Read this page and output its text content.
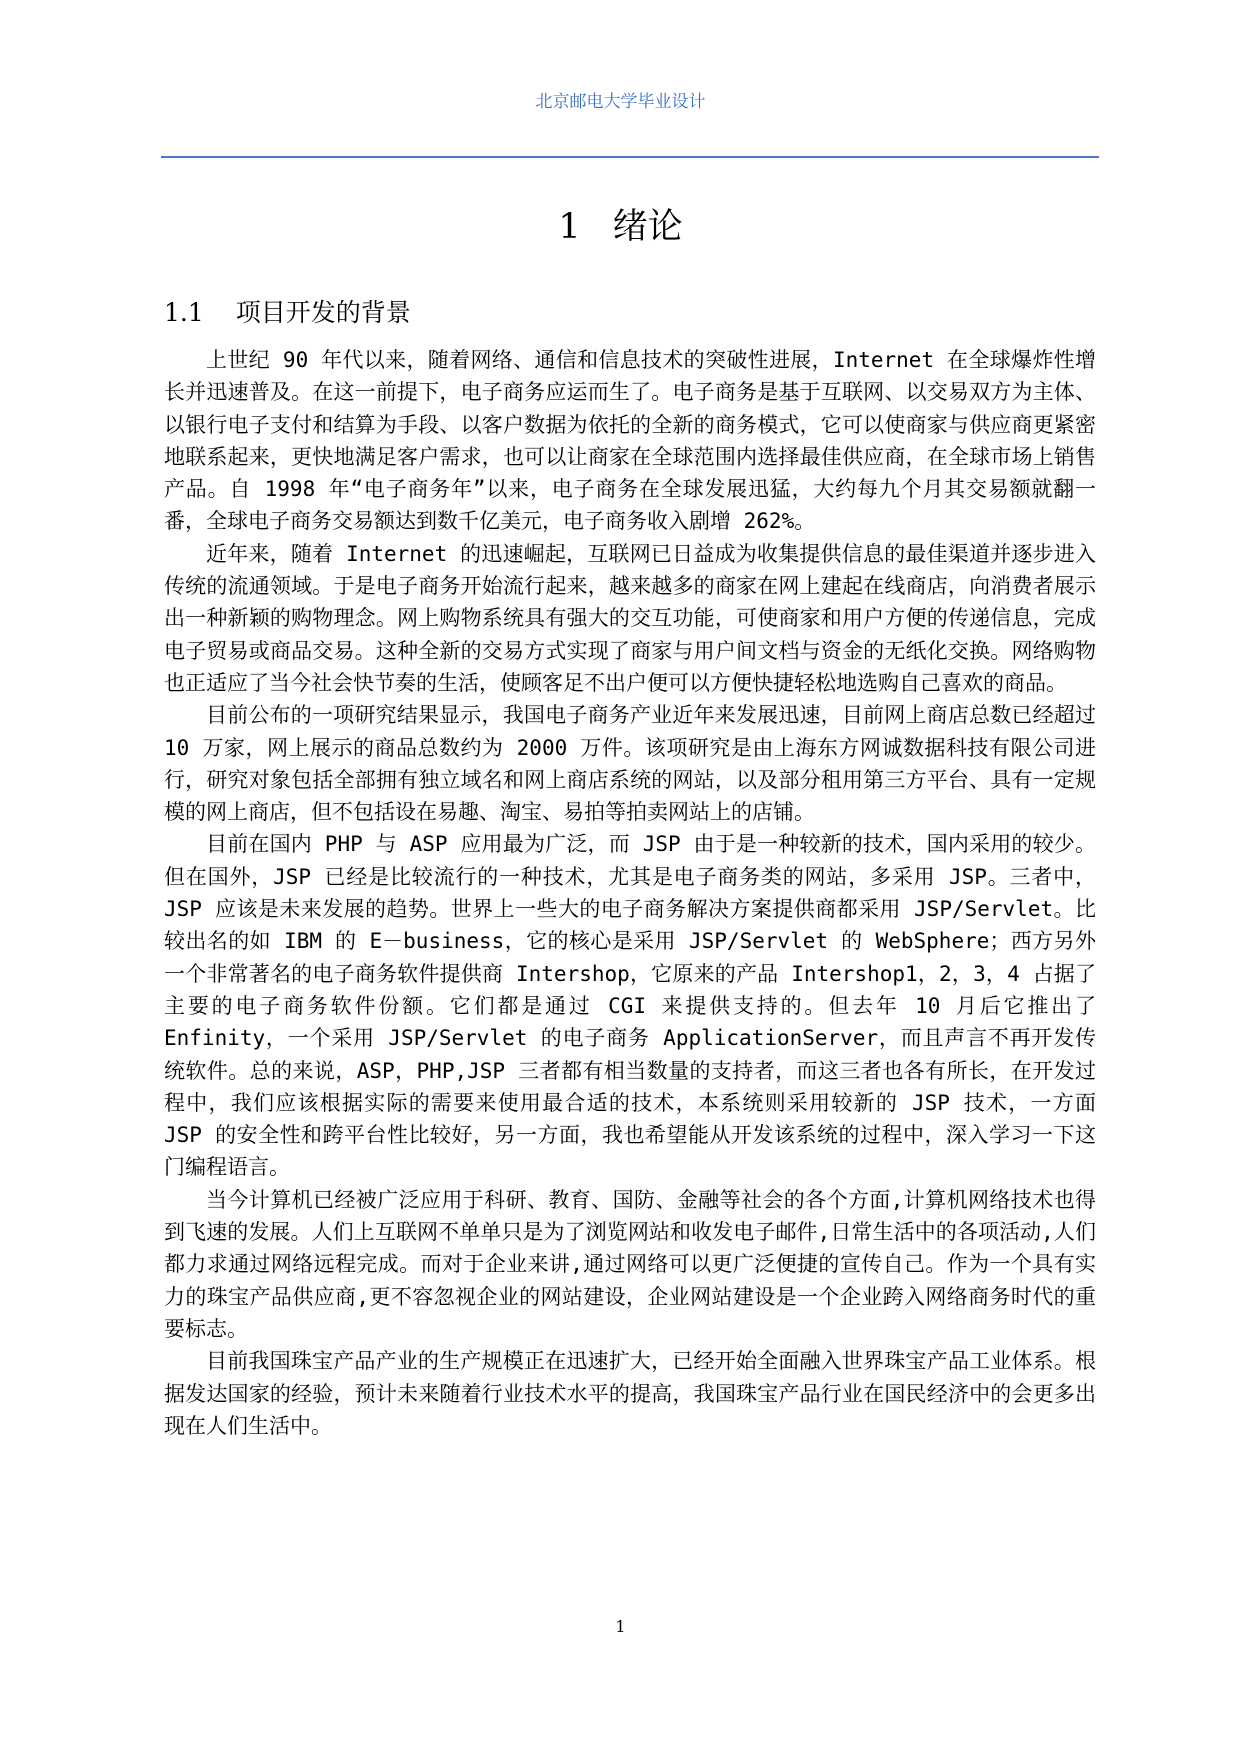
北京邮电大学毕业设计
1 绪论
1.1 项目开发的背景

上世纪 90 年代以来，随着网络、通信和信息技术的突破性进展，Internet 在全球爆炸性增长并迅速普及。在这一前提下，电子商务应运而生了。电子商务是基于互联网、以交易双方为主体、以银行电子支付和结算为手段、以客户数据为依托的全新的商务模式，它可以使商家与供应商更紧密地联系起来，更快地满足客户需求，也可以让商家在全球范围内选择最佳供应商，在全球市场上销售产品。自 1998 年“电子商务年”以来，电子商务在全球发展迅猛，大约每九个月其交易额就翻一番，全球电子商务交易额达到数千亿美元，电子商务收入剧增 262%。

近年来，随着 Internet 的迅速崛起，互联网已日益成为收集提供信息的最佳渠道并逐步进入传统的流通领域。于是电子商务开始流行起来，越来越多的商家在网上建起在线商店，向消费者展示出一种新颖的购物理念。网上购物系统具有强大的交互功能，可使商家和用户方便的传递信息，完成电子贸易或商品交易。这种全新的交易方式实现了商家与用户间文档与资金的无纸化交换。网络购物也正适应了当今社会快节奏的生活，使顾客足不出户便可以方便快捷轻松地选购自己喜欢的商品。

目前公布的一项研究结果显示，我国电子商务产业近年来发展迅速，目前网上商店总数已经超过 10 万家，网上展示的商品总数约为 2000 万件。该项研究是由上海东方网诚数据科技有限公司进行，研究对象包括全部拥有独立域名和网上商店系统的网站，以及部分租用第三方平台、具有一定规模的网上商店，但不包括设在易趣、淘宝、易拍等拍卖网站上的店铺。

目前在国内 PHP 与 ASP 应用最为广泛，而 JSP 由于是一种较新的技术，国内采用的较少。但在国外，JSP 已经是比较流行的一种技术，尤其是电子商务类的网站，多采用 JSP。三者中，JSP 应该是未来发展的趋势。世界上一些大的电子商务解决方案提供商都采用 JSP/Servlet。比较出名的如 IBM 的 E－business，它的核心是采用 JSP/Servlet 的 WebSphere；西方另外一个非常著名的电子商务软件提供商 Intershop，它原来的产品 Intershop1，2，3，4 占据了主要的电子商务软件份额。它们都是通过 CGI 来提供支持的。但去年 10 月后它推出了 Enfinity，一个采用 JSP/Servlet 的电子商务 ApplicationServer，而且声言不再开发传统软件。总的来说，ASP，PHP,JSP 三者都有相当数量的支持者，而这三者也各有所长，在开发过程中，我们应该根据实际的需要来使用最合适的技术，本系统则采用较新的 JSP 技术，一方面 JSP 的安全性和跨平台性比较好，另一方面，我也希望能从开发该系统的过程中，深入学习一下这门编程语言。

当今计算机已经被广泛应用于科研、教育、国防、金融等社会的各个方面,计算机网络技术也得到飞速的发展。人们上互联网不单单只是为了浏览网站和收发电子邮件,日常生活中的各项活动,人们都力求通过网络远程完成。而对于企业来讲,通过网络可以更广泛便捷的宣传自己。作为一个具有实力的珠宝产品供应商,更不容忽视企业的网站建设，企业网站建设是一个企业跨入网络商务时代的重要标志。

目前我国珠宝产品产业的生产规模正在迅速扩大，已经开始全面融入世界珠宝产品工业体系。根据发达国家的经验，预计未来随着行业技术水平的提高，我国珠宝产品行业在国民经济中的会更多出现在人们生活中。

1
